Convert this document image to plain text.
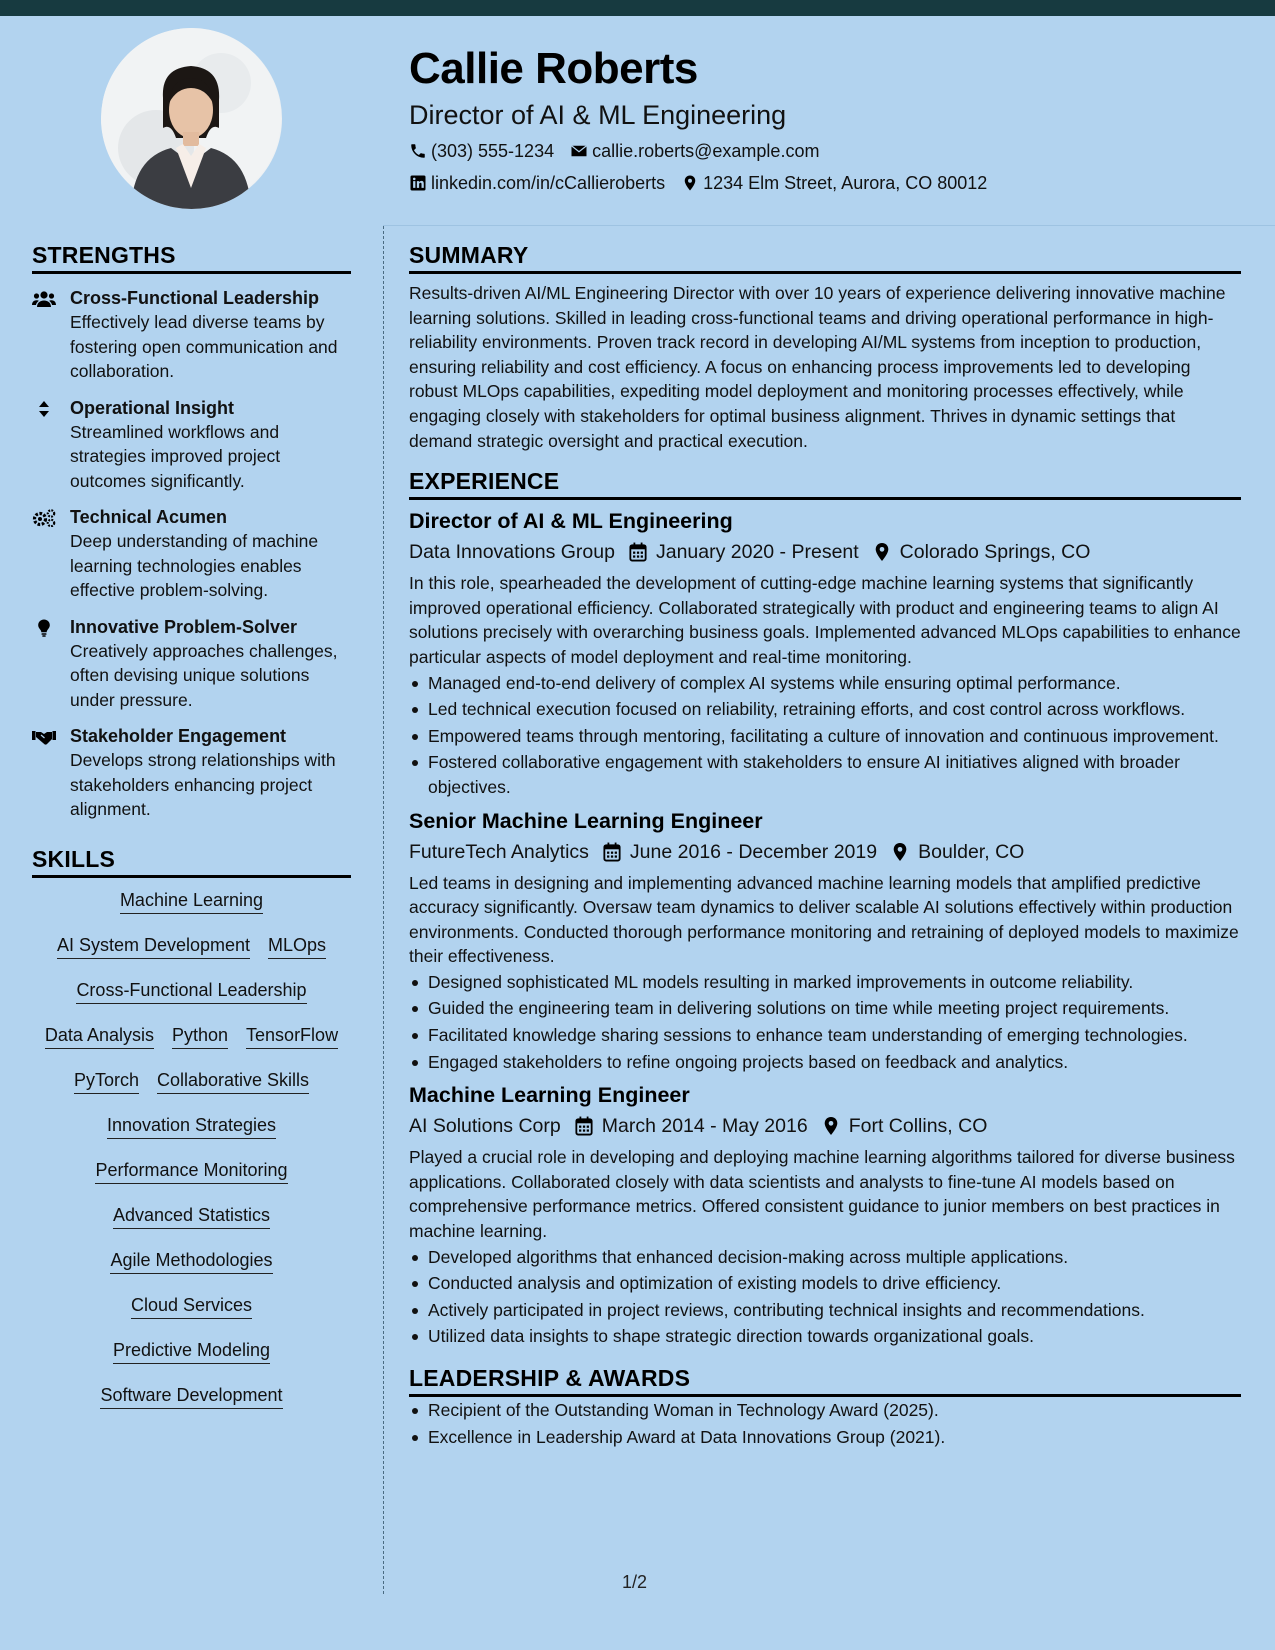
Callie Roberts
Director of AI & ML Engineering
(303) 555-1234 callie.roberts@example.com
linkedin.com/in/cCallieroberts 1234 Elm Street, Aurora, CO 80012
STRENGTHS
Cross-Functional Leadership
Effectively lead diverse teams by fostering open communication and collaboration.
Operational Insight
Streamlined workflows and strategies improved project outcomes significantly.
Technical Acumen
Deep understanding of machine learning technologies enables effective problem-solving.
Innovative Problem-Solver
Creatively approaches challenges, often devising unique solutions under pressure.
Stakeholder Engagement
Develops strong relationships with stakeholders enhancing project alignment.
SKILLS
Machine Learning
AI System Development MLOps
Cross-Functional Leadership
Data Analysis Python TensorFlow
PyTorch Collaborative Skills
Innovation Strategies
Performance Monitoring
Advanced Statistics
Agile Methodologies
Cloud Services
Predictive Modeling
Software Development
SUMMARY
Results-driven AI/ML Engineering Director with over 10 years of experience delivering innovative machine learning solutions. Skilled in leading cross-functional teams and driving operational performance in high-reliability environments. Proven track record in developing AI/ML systems from inception to production, ensuring reliability and cost efficiency. A focus on enhancing process improvements led to developing robust MLOps capabilities, expediting model deployment and monitoring processes effectively, while engaging closely with stakeholders for optimal business alignment. Thrives in dynamic settings that demand strategic oversight and practical execution.
EXPERIENCE
Director of AI & ML Engineering
Data Innovations Group January 2020 - Present Colorado Springs, CO
In this role, spearheaded the development of cutting-edge machine learning systems that significantly improved operational efficiency. Collaborated strategically with product and engineering teams to align AI solutions precisely with overarching business goals. Implemented advanced MLOps capabilities to enhance particular aspects of model deployment and real-time monitoring.
Managed end-to-end delivery of complex AI systems while ensuring optimal performance.
Led technical execution focused on reliability, retraining efforts, and cost control across workflows.
Empowered teams through mentoring, facilitating a culture of innovation and continuous improvement.
Fostered collaborative engagement with stakeholders to ensure AI initiatives aligned with broader objectives.
Senior Machine Learning Engineer
FutureTech Analytics June 2016 - December 2019 Boulder, CO
Led teams in designing and implementing advanced machine learning models that amplified predictive accuracy significantly. Oversaw team dynamics to deliver scalable AI solutions effectively within production environments. Conducted thorough performance monitoring and retraining of deployed models to maximize their effectiveness.
Designed sophisticated ML models resulting in marked improvements in outcome reliability.
Guided the engineering team in delivering solutions on time while meeting project requirements.
Facilitated knowledge sharing sessions to enhance team understanding of emerging technologies.
Engaged stakeholders to refine ongoing projects based on feedback and analytics.
Machine Learning Engineer
AI Solutions Corp March 2014 - May 2016 Fort Collins, CO
Played a crucial role in developing and deploying machine learning algorithms tailored for diverse business applications. Collaborated closely with data scientists and analysts to fine-tune AI models based on comprehensive performance metrics. Offered consistent guidance to junior members on best practices in machine learning.
Developed algorithms that enhanced decision-making across multiple applications.
Conducted analysis and optimization of existing models to drive efficiency.
Actively participated in project reviews, contributing technical insights and recommendations.
Utilized data insights to shape strategic direction towards organizational goals.
LEADERSHIP & AWARDS
Recipient of the Outstanding Woman in Technology Award (2025).
Excellence in Leadership Award at Data Innovations Group (2021).
1/2
